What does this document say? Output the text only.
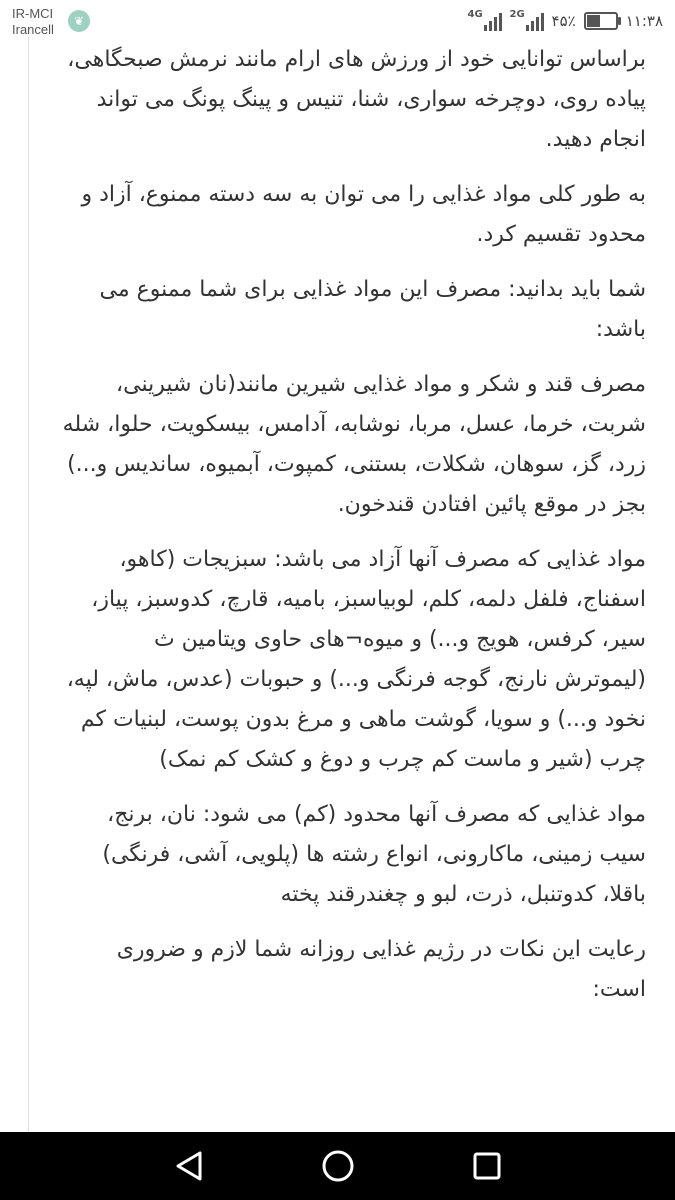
IR-MCI
Irancell
❦	4G	2G ۴۵٪	۱۱:۳۸

براساس توانایی خود از ورزش های ارام مانند نرمش صبحگاهی، پیاده روی، دوچرخه سواری، شنا، تنیس و پینگ پونگ می تواند انجام دهید.

به طور کلی مواد غذایی را می توان به سه دسته ممنوع، آزاد و محدود تقسیم کرد.

شما باید بدانید: مصرف این مواد غذایی برای شما ممنوع می باشد:

مصرف قند و شکر و مواد غذایی شیرین مانند(نان شیرینی، شربت، خرما، عسل، مربا، نوشابه، آدامس، بیسکویت، حلوا، شله زرد، گز، سوهان، شکلات، بستنی، کمپوت، آبمیوه، ساندیس و...) بجز در موقع پائین افتادن قندخون.

مواد غذایی که مصرف آنها آزاد می باشد: سبزیجات (کاهو، اسفناج، فلفل دلمه، کلم، لوبیاسبز، بامیه، قارچ، کدوسبز، پیاز، سیر، کرفس، هویج و...) و میوه¬های حاوی ویتامین ث (لیموترش نارنج، گوجه فرنگی و...) و حبوبات (عدس، ماش، لپه، نخود و...) و سویا، گوشت ماهی و مرغ بدون پوست، لبنیات کم چرب (شیر و ماست کم چرب و دوغ و کشک کم نمک)

مواد غذایی که مصرف آنها محدود (کم) می شود: نان، برنج، سیب زمینی، ماکارونی، انواع رشته ها (پلویی، آشی، فرنگی) باقلا، کدوتنبل، ذرت، لبو و چغندرقند پخته

رعایت این نکات در رژیم غذایی روزانه شما لازم و ضروری است:
